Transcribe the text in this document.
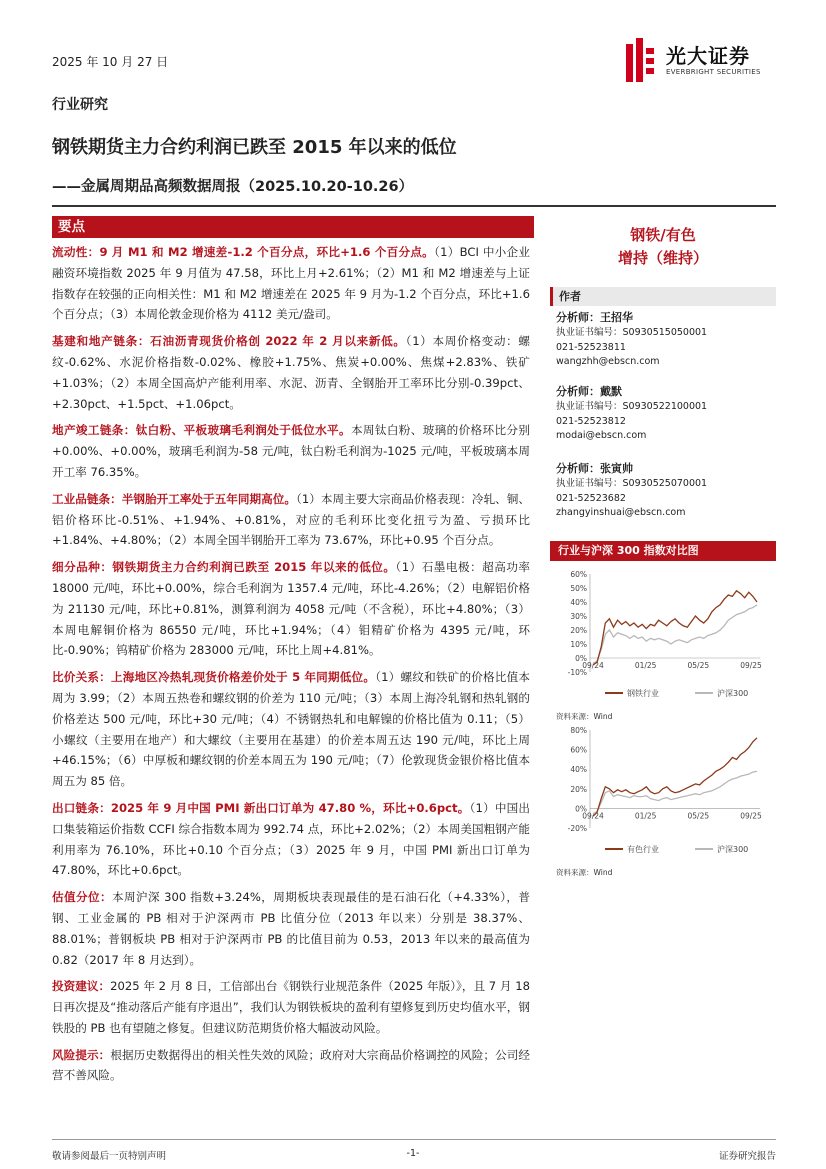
2025 年 10 月 27 日	光大证券
EVERBRIGHT SECURITIES
行业研究
钢铁期货主力合约利润已跌至 2015 年以来的低位
——金属周期品高频数据周报（2025.10.20-10.26）
要点

流动性：9 月 M1 和 M2 增速差-1.2 个百分点，环比+1.6 个百分点。（1）BCI 中小企业融资环境指数 2025 年 9 月值为 47.58，环比上月+2.61%；（2）M1 和 M2 增速差与上证指数存在较强的正向相关性：M1 和 M2 增速差在 2025 年 9 月为-1.2 个百分点，环比+1.6 个百分点；（3）本周伦敦金现价格为 4112 美元/盎司。

基建和地产链条：石油沥青现货价格创 2022 年 2 月以来新低。（1）本周价格变动：螺纹-0.62%、水泥价格指数-0.02%、橡胶+1.75%、焦炭+0.00%、焦煤+2.83%、铁矿+1.03%；（2）本周全国高炉产能利用率、水泥、沥青、全钢胎开工率环比分别-0.39pct、+2.30pct、+1.5pct、+1.06pct。

地产竣工链条：钛白粉、平板玻璃毛利润处于低位水平。本周钛白粉、玻璃的价格环比分别+0.00%、+0.00%，玻璃毛利润为-58 元/吨，钛白粉毛利润为-1025 元/吨，平板玻璃本周开工率 76.35%。

工业品链条：半钢胎开工率处于五年同期高位。（1）本周主要大宗商品价格表现：冷轧、铜、铝价格环比-0.51%、+1.94%、+0.81%，对应的毛利环比变化扭亏为盈、亏损环比+1.84%、+4.80%；（2）本周全国半钢胎开工率为 73.67%，环比+0.95 个百分点。

细分品种：钢铁期货主力合约利润已跌至 2015 年以来的低位。（1）石墨电极：超高功率 18000 元/吨，环比+0.00%，综合毛利润为 1357.4 元/吨，环比-4.26%；（2）电解铝价格为 21130 元/吨，环比+0.81%，测算利润为 4058 元/吨（不含税），环比+4.80%；（3）本周电解铜价格为 86550 元/吨，环比+1.94%；（4）钼精矿价格为 4395 元/吨，环比-0.90%；钨精矿价格为 283000 元/吨，环比上周+4.81%。

比价关系：上海地区冷热轧现货价格差价处于 5 年同期低位。（1）螺纹和铁矿的价格比值本周为 3.99；（2）本周五热卷和螺纹钢的价差为 110 元/吨；（3）本周上海冷轧钢和热轧钢的价格差达 500 元/吨，环比+30 元/吨；（4）不锈钢热轧和电解镍的价格比值为 0.11；（5）小螺纹（主要用在地产）和大螺纹（主要用在基建）的价差本周五达 190 元/吨，环比上周+46.15%；（6）中厚板和螺纹钢的价差本周五为 190 元/吨；（7）伦敦现货金银价格比值本周五为 85 倍。

出口链条：2025 年 9 月中国 PMI 新出口订单为 47.80 %，环比+0.6pct。（1）中国出口集装箱运价指数 CCFI 综合指数本周为 992.74 点，环比+2.02%；（2）本周美国粗钢产能利用率为 76.10%，环比+0.10 个百分点；（3）2025 年 9 月，中国 PMI 新出口订单为 47.80%，环比+0.6pct。

估值分位：本周沪深 300 指数+3.24%，周期板块表现最佳的是石油石化（+4.33%），普钢、工业金属的 PB 相对于沪深两市 PB 比值分位（2013 年以来）分别是 38.37%、88.01%；普钢板块 PB 相对于沪深两市 PB 的比值目前为 0.53，2013 年以来的最高值为 0.82（2017 年 8 月达到）。

投资建议：2025 年 2 月 8 日，工信部出台《钢铁行业规范条件（2025 年版）》，且 7 月 18 日再次提及“推动落后产能有序退出”，我们认为钢铁板块的盈利有望修复到历史均值水平，钢铁股的 PB 也有望随之修复。但建议防范期货价格大幅波动风险。

风险提示：根据历史数据得出的相关性失效的风险；政府对大宗商品价格调控的风险；公司经营不善风险。

钢铁/有色
增持（维持）
作者
分析师：王招华
执业证书编号：S0930515050001
021-52523811
wangzhh@ebscn.com
分析师：戴默
执业证书编号：S0930522100001
021-52523812
modai@ebscn.com
分析师：张寅帅
执业证书编号：S0930525070001
021-52523682
zhangyinshuai@ebscn.com
行业与沪深 300 指数对比图
60%
50%
40%
30%
20%
10%
0%
-10%
09/24	01/25	05/25	09/25
钢铁行业	沪深300
资料来源：Wind
80%
60%
40%
20%
0%
-20%
09/24	01/25	05/25	09/25
有色行业	沪深300
资料来源：Wind
敬请参阅最后一页特别声明	-1-	证券研究报告
